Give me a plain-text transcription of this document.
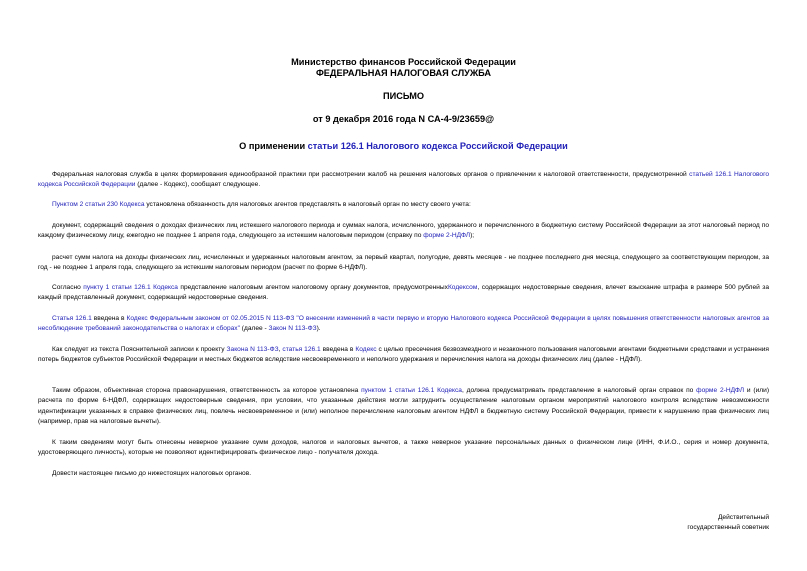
Министерство финансов Российской Федерации
ФЕДЕРАЛЬНАЯ НАЛОГОВАЯ СЛУЖБА
ПИСЬМО
от 9 декабря 2016 года N СА-4-9/23659@
О применении статьи 126.1 Налогового кодекса Российской Федерации

Федеральная налоговая служба в целях формирования единообразной практики при рассмотрении жалоб на решения налоговых органов о привлечении к налоговой ответственности, предусмотренной статьей 126.1 Налогового кодекса Российской Федерации (далее - Кодекс), сообщает следующее.

Пунктом 2 статьи 230 Кодекса установлена обязанность для налоговых агентов представлять в налоговый орган по месту своего учета:

документ, содержащий сведения о доходах физических лиц истекшего налогового периода и суммах налога, исчисленного, удержанного и перечисленного в бюджетную систему Российской Федерации за этот налоговый период по каждому физическому лицу, ежегодно не позднее 1 апреля года, следующего за истекшим налоговым периодом (справку по форме 2-НДФЛ);

расчет сумм налога на доходы физических лиц, исчисленных и удержанных налоговым агентом, за первый квартал, полугодие, девять месяцев - не позднее последнего дня месяца, следующего за соответствующим периодом, за год - не позднее 1 апреля года, следующего за истекшим налоговым периодом (расчет по форме 6-НДФЛ).

Согласно пункту 1 статьи 126.1 Кодекса представление налоговым агентом налоговому органу документов, предусмотренныхКодексом, содержащих недостоверные сведения, влечет взыскание штрафа в размере 500 рублей за каждый представленный документ, содержащий недостоверные сведения.

Статья 126.1 введена в Кодекс Федеральным законом от 02.05.2015 N 113-ФЗ "О внесении изменений в части первую и вторую Налогового кодекса Российской Федерации в целях повышения ответственности налоговых агентов за несоблюдение требований законодательства о налогах и сборах" (далее - Закон N 113-ФЗ).

Как следует из текста Пояснительной записки к проекту Закона N 113-ФЗ, статья 126.1 введена в Кодекс с целью пресечения безвозмездного и незаконного пользования налоговыми агентами бюджетными средствами и устранения потерь бюджетов субъектов Российской Федерации и местных бюджетов вследствие несвоевременного и неполного удержания и перечисления налога на доходы физических лиц (далее - НДФЛ).

Таким образом, объективная сторона правонарушения, ответственность за которое установлена пунктом 1 статьи 126.1 Кодекса, должна предусматривать представление в налоговый орган справок по форме 2-НДФЛ и (или) расчета по форме 6-НДФЛ, содержащих недостоверные сведения, при условии, что указанные действия могли затруднить осуществление налоговым органом мероприятий налогового контроля вследствие невозможности идентификации указанных в справке физических лиц, повлечь несвоевременное и (или) неполное перечисление налоговым агентом НДФЛ в бюджетную систему Российской Федерации, привести к нарушению прав физических лиц (например, прав на налоговые вычеты).

К таким сведениям могут быть отнесены неверное указание сумм доходов, налогов и налоговых вычетов, а также неверное указание персональных данных о физическом лице (ИНН, Ф.И.О., серия и номер документа, удостоверяющего личность), которые не позволяют идентифицировать физическое лицо - получателя дохода.

Довести настоящее письмо до нижестоящих налоговых органов.

Действительный
государственный советник
